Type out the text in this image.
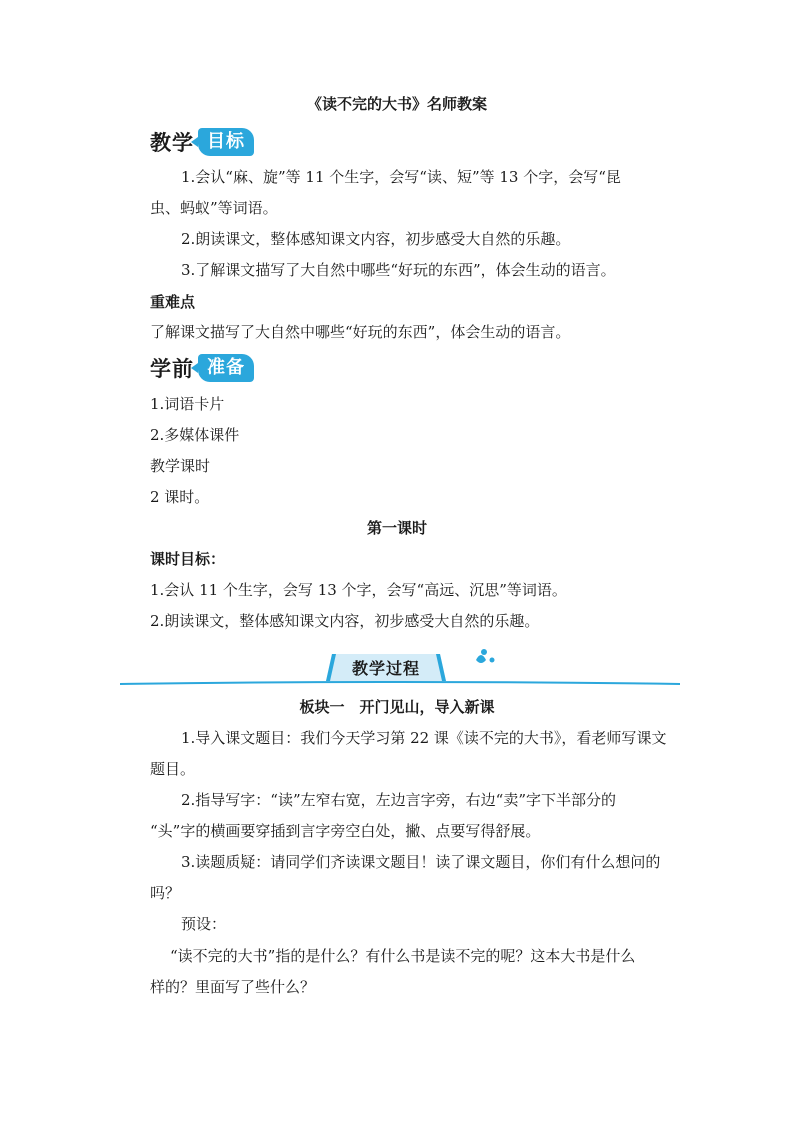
《读不完的大书》名师教案
教学 目标
1.会认“麻、旋”等 11 个生字，会写“读、短”等 13 个字，会写“昆
虫、蚂蚁”等词语。
2.朗读课文，整体感知课文内容，初步感受大自然的乐趣。
3.了解课文描写了大自然中哪些“好玩的东西”，体会生动的语言。
重难点
了解课文描写了大自然中哪些“好玩的东西”，体会生动的语言。
学前 准备
1.词语卡片
2.多媒体课件
教学课时
2 课时。
第一课时
课时目标：
1.会认 11 个生字，会写 13 个字，会写“高远、沉思”等词语。
2.朗读课文，整体感知课文内容，初步感受大自然的乐趣。
教学过程
板块一　开门见山，导入新课
1.导入课文题目：我们今天学习第 22 课《读不完的大书》，看老师写课文
题目。
2.指导写字：“读”左窄右宽，左边言字旁，右边“卖”字下半部分的
“头”字的横画要穿插到言字旁空白处，撇、点要写得舒展。
3.读题质疑：请同学们齐读课文题目！读了课文题目，你们有什么想问的
吗？
预设：
“读不完的大书”指的是什么？有什么书是读不完的呢？这本大书是什么
样的？里面写了些什么？
